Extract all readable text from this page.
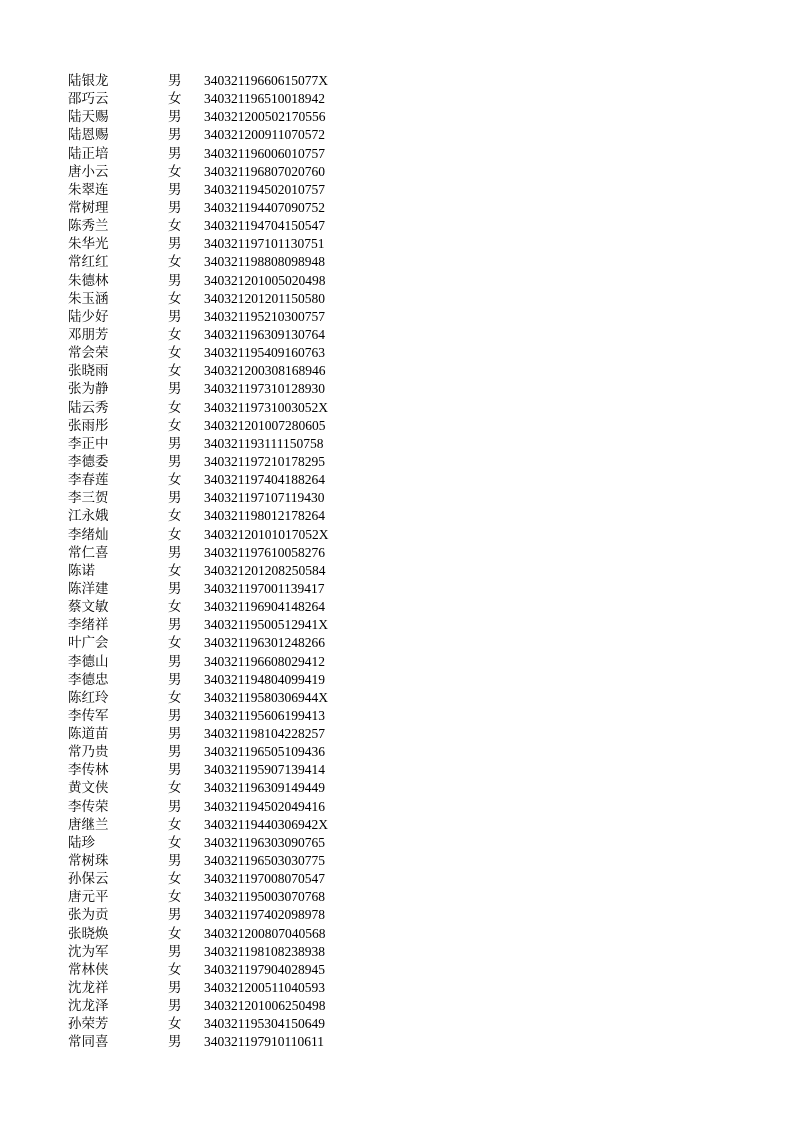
陆银龙	男	34032119660615077X
邵巧云	女	340321196510018942
陆天赐	男	340321200502170556
陆恩赐	男	340321200911070572
陆正培	男	340321196006010757
唐小云	女	340321196807020760
朱翠连	男	340321194502010757
常树理	男	340321194407090752
陈秀兰	女	340321194704150547
朱华光	男	340321197101130751
常红红	女	340321198808098948
朱德林	男	340321201005020498
朱玉涵	女	340321201201150580
陆少好	男	340321195210300757
邓朋芳	女	340321196309130764
常会荣	女	340321195409160763
张晓雨	女	340321200308168946
张为静	男	340321197310128930
陆云秀	女	34032119731003052X
张雨彤	女	340321201007280605
李正中	男	340321193111150758
李德委	男	340321197210178295
李春莲	女	340321197404188264
李三贺	男	340321197107119430
江永娥	女	340321198012178264
李绪灿	女	34032120101017052X
常仁喜	男	340321197610058276
陈诺	女	340321201208250584
陈洋建	男	340321197001139417
蔡文敏	女	340321196904148264
李绪祥	男	34032119500512941X
叶广会	女	340321196301248266
李德山	男	340321196608029412
李德忠	男	340321194804099419
陈红玲	女	34032119580306944X
李传军	男	340321195606199413
陈道苗	男	340321198104228257
常乃贵	男	340321196505109436
李传林	男	340321195907139414
黄文侠	女	340321196309149449
李传荣	男	340321194502049416
唐继兰	女	34032119440306942X
陆珍	女	340321196303090765
常树珠	男	340321196503030775
孙保云	女	340321197008070547
唐元平	女	340321195003070768
张为贡	男	340321197402098978
张晓焕	女	340321200807040568
沈为军	男	340321198108238938
常林侠	女	340321197904028945
沈龙祥	男	340321200511040593
沈龙泽	男	340321201006250498
孙荣芳	女	340321195304150649
常同喜	男	340321197910110611
